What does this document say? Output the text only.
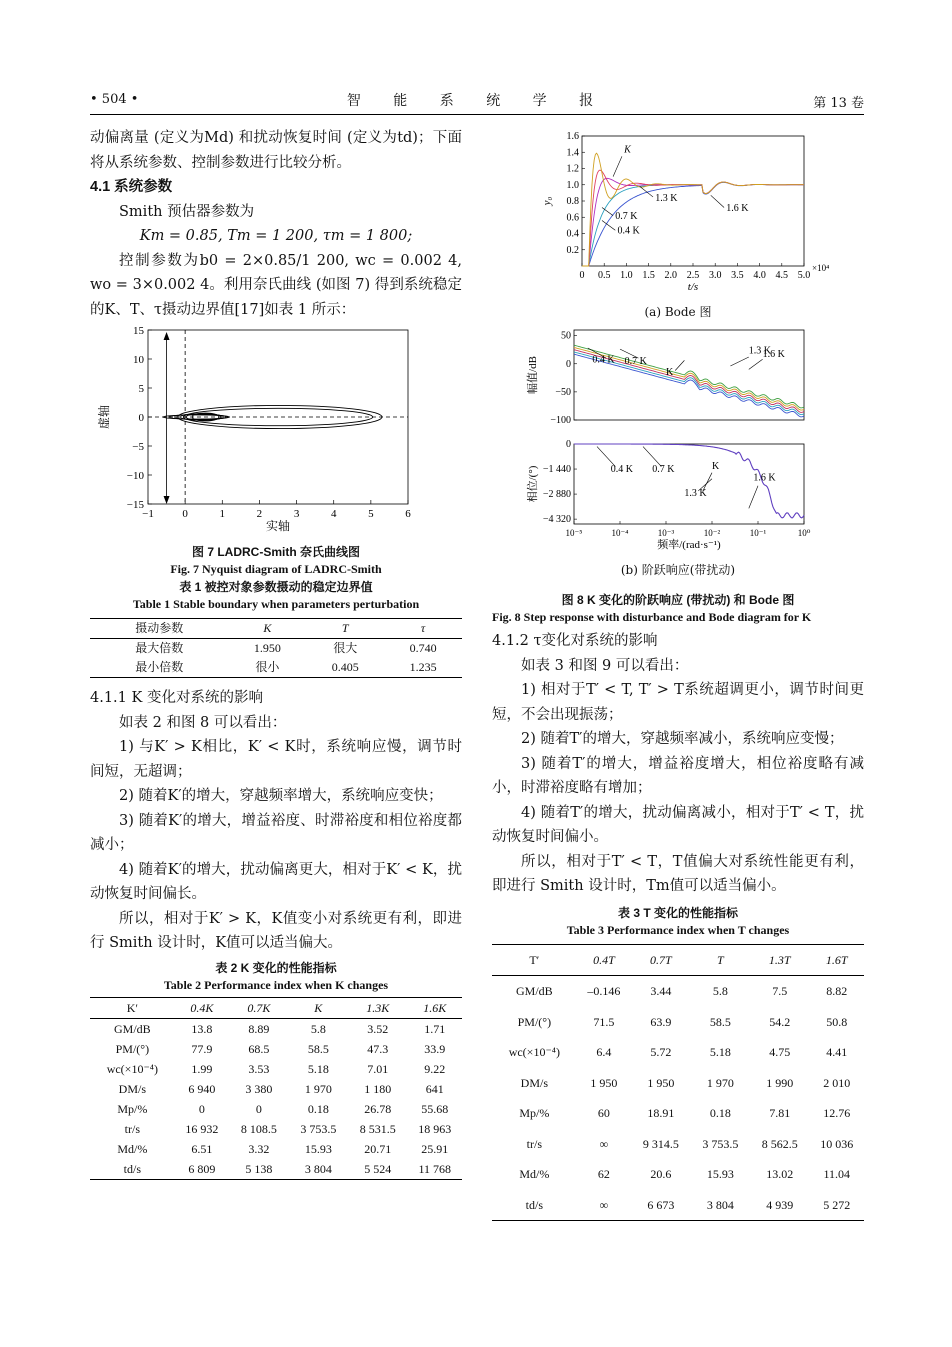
• 504 •	智 能 系 统 学 报	第 13 卷

动偏离量 (定义为Md) 和扰动恢复时间 (定义为td)；下面将从系统参数、控制参数进行比较分析。

4.1 系统参数

Smith 预估器参数为

Km = 0.85, Tm = 1 200, τm = 1 800;

控制参数为b0 = 2×0.85/1 200, wc = 0.002 4, wo = 3×0.002 4。利用奈氏曲线 (如图 7) 得到系统稳定的K、T、τ摄动边界值[17]如表 1 所示：

−1	0	1	2	3	4	5	6
15
10
5
0
−5
−10
−15
实轴
虚轴
图 7 LADRC-Smith 奈氏曲线图
Fig. 7 Nyquist diagram of LADRC-Smith
表 1 被控对象参数摄动的稳定边界值
Table 1 Stable boundary when parameters perturbation
摄动参数	K	T	τ
最大倍数	1.950	很大	0.740
最小倍数	很小	0.405	1.235
4.1.1 K 变化对系统的影响

如表 2 和图 8 可以看出：

1) 与K′ > K相比，K′ < K时，系统响应慢，调节时间短，无超调；

2) 随着K′的增大，穿越频率增大，系统响应变快；

3) 随着K′的增大，增益裕度、时滞裕度和相位裕度都减小；

4) 随着K′的增大，扰动偏离更大，相对于K′ < K，扰动恢复时间偏长。

所以，相对于K′ > K，K值变小对系统更有利，即进行 Smith 设计时，K值可以适当偏大。

表 2 K 变化的性能指标
Table 2 Performance index when K changes
K′	0.4K	0.7K	K	1.3K	1.6K
GM/dB	13.8	8.89	5.8	3.52	1.71
PM/(°)	77.9	68.5	58.5	47.3	33.9
wc(×10⁻⁴)	1.99	3.53	5.18	7.01	9.22
DM/s	6 940	3 380	1 970	1 180	641
Mp/%	0	0	0.18	26.78	55.68
tr/s	16 932	8 108.5	3 753.5	8 531.5	18 963
Md/%	6.51	3.32	15.93	20.71	25.91
td/s	6 809	5 138	3 804	5 524	11 768
0 0.5 1.0 1.5 2.0 2.5 3.0 3.5 4.0 4.5 5.0
×10⁴
1.6
1.4
1.2
1.0
0.8
0.6
0.4
0.2
t/s
y₀
K
1.3 K
0.7 K
0.4 K
1.6 K
(a) Bode 图
50
0
−50
−100
0
−1 440
−2 880
−4 320
10⁻⁵	10⁻⁴	10⁻³	10⁻²	10⁻¹	10⁰
频率/(rad·s⁻¹)
幅值/dB
相位/(°)
0.4 K 0.7 K
K
1.3 K
1.6 K
0.4 K 0.7 K	K
1.3 K
1.6 K
(b) 阶跃响应(带扰动)
图 8 K 变化的阶跃响应 (带扰动) 和 Bode 图
Fig. 8 Step response with disturbance and Bode diagram for K
4.1.2 τ变化对系统的影响

如表 3 和图 9 可以看出：

1) 相对于T′ < T, T′ > T系统超调更小，调节时间更短，不会出现振荡；

2) 随着T′的增大，穿越频率减小，系统响应变慢；

3) 随着T′的增大，增益裕度增大，相位裕度略有减小，时滞裕度略有增加；

4) 随着T′的增大，扰动偏离减小，相对于T′ < T，扰动恢复时间偏小。

所以，相对于T′ < T，T值偏大对系统性能更有利，即进行 Smith 设计时，Tm值可以适当偏小。

表 3 T 变化的性能指标
Table 3 Performance index when T changes
T′	0.4T	0.7T	T	1.3T	1.6T
GM/dB	–0.146	3.44	5.8	7.5	8.82
PM/(°)	71.5	63.9	58.5	54.2	50.8
wc(×10⁻⁴)	6.4	5.72	5.18	4.75	4.41
DM/s	1 950	1 950	1 970	1 990	2 010
Mp/%	60	18.91	0.18	7.81	12.76
tr/s	∞	9 314.5	3 753.5	8 562.5	10 036
Md/%	62	20.6	15.93	13.02	11.04
td/s	∞	6 673	3 804	4 939	5 272
